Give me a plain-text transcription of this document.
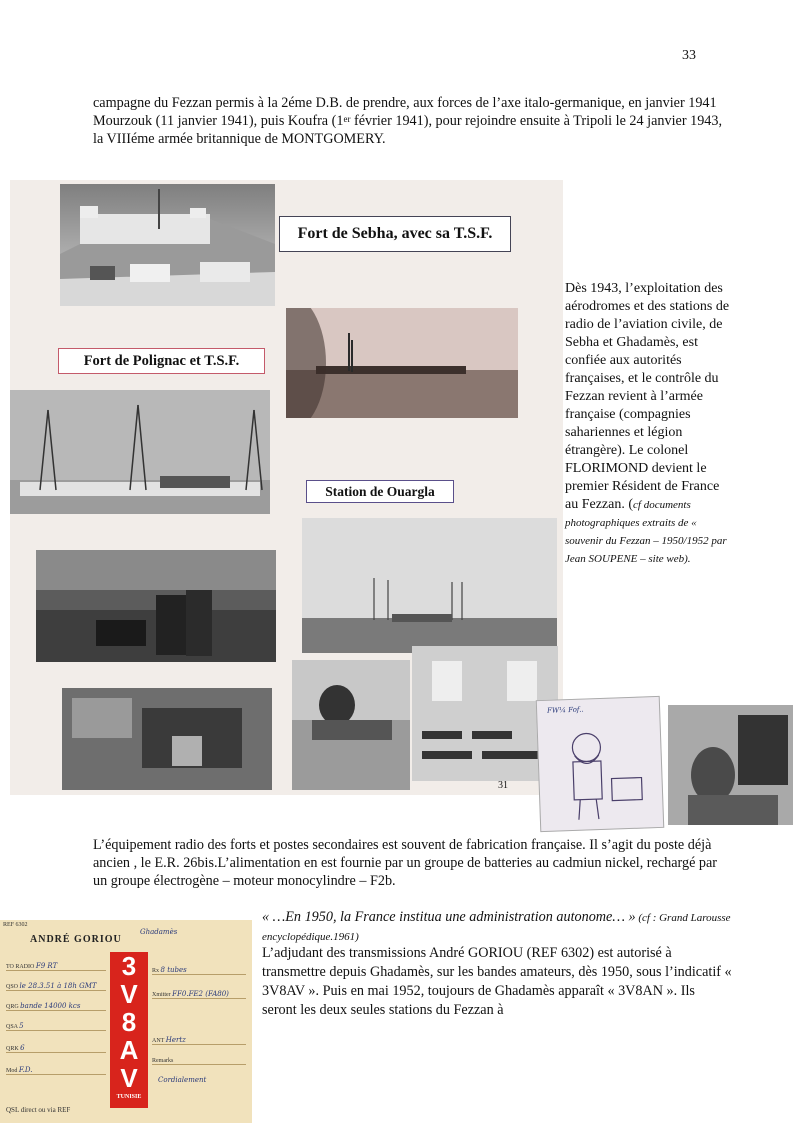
33
campagne du Fezzan permis à la 2éme D.B. de prendre, aux forces de l’axe italo-germanique, en janvier 1941 Mourzouk (11 janvier 1941), puis Koufra (1er février 1941), pour rejoindre ensuite à Tripoli le 24 janvier 1943, la VIIIéme armée britannique de MONTGOMERY.
Fort de Sebha, avec sa T.S.F.
Fort de Polignac et T.S.F.
Station de Ouargla
31
FW¼ Fof..
Dès 1943, l’exploitation des aérodromes et des stations de radio de l’aviation civile, de Sebha et Ghadamès, est confiée aux autorités françaises, et le contrôle du Fezzan revient à l’armée française (compagnies sahariennes et légion étrangère). Le colonel FLORIMOND devient le premier Résident de France au Fezzan. (cf documents photographiques extraits de « souvenir du Fezzan – 1950/1952 par Jean SOUPENE – site web).
L’équipement radio des forts et postes secondaires est souvent de fabrication française. Il s’agit du poste déjà ancien , le E.R. 26bis.L’alimentation en est fournie par un groupe de batteries au cadmiun nickel, rechargé par un groupe électrogène – moteur monocylindre – F2b.
« …En 1950, la France institua une administration autonome… » (cf : Grand Larousse encyclopédique.1961)
L’adjudant des transmissions André GORIOU (REF 6302) est autorisé à transmettre depuis Ghadamès, sur les bandes amateurs, dès 1950, sous l’indicatif « 3V8AV ». Puis en mai 1952, toujours de Ghadamès apparaît « 3V8AN ». Ils seront les deux seules stations du Fezzan à
REF 6302
ANDRÉ GORIOU
Ghadamès
TO RADIO F9 RT
QSO le 28.3.51 à 18h GMT
QRG bande 14000 kcs
QSA 5
QRK 6
Mod F.D.
3
V
8
A
V
TUNISIE
Rx 8 tubes
Xmitter FF0.FE2 (FA80)
ANT Hertz
Remarks
Cordialement
QSL direct ou via REF
